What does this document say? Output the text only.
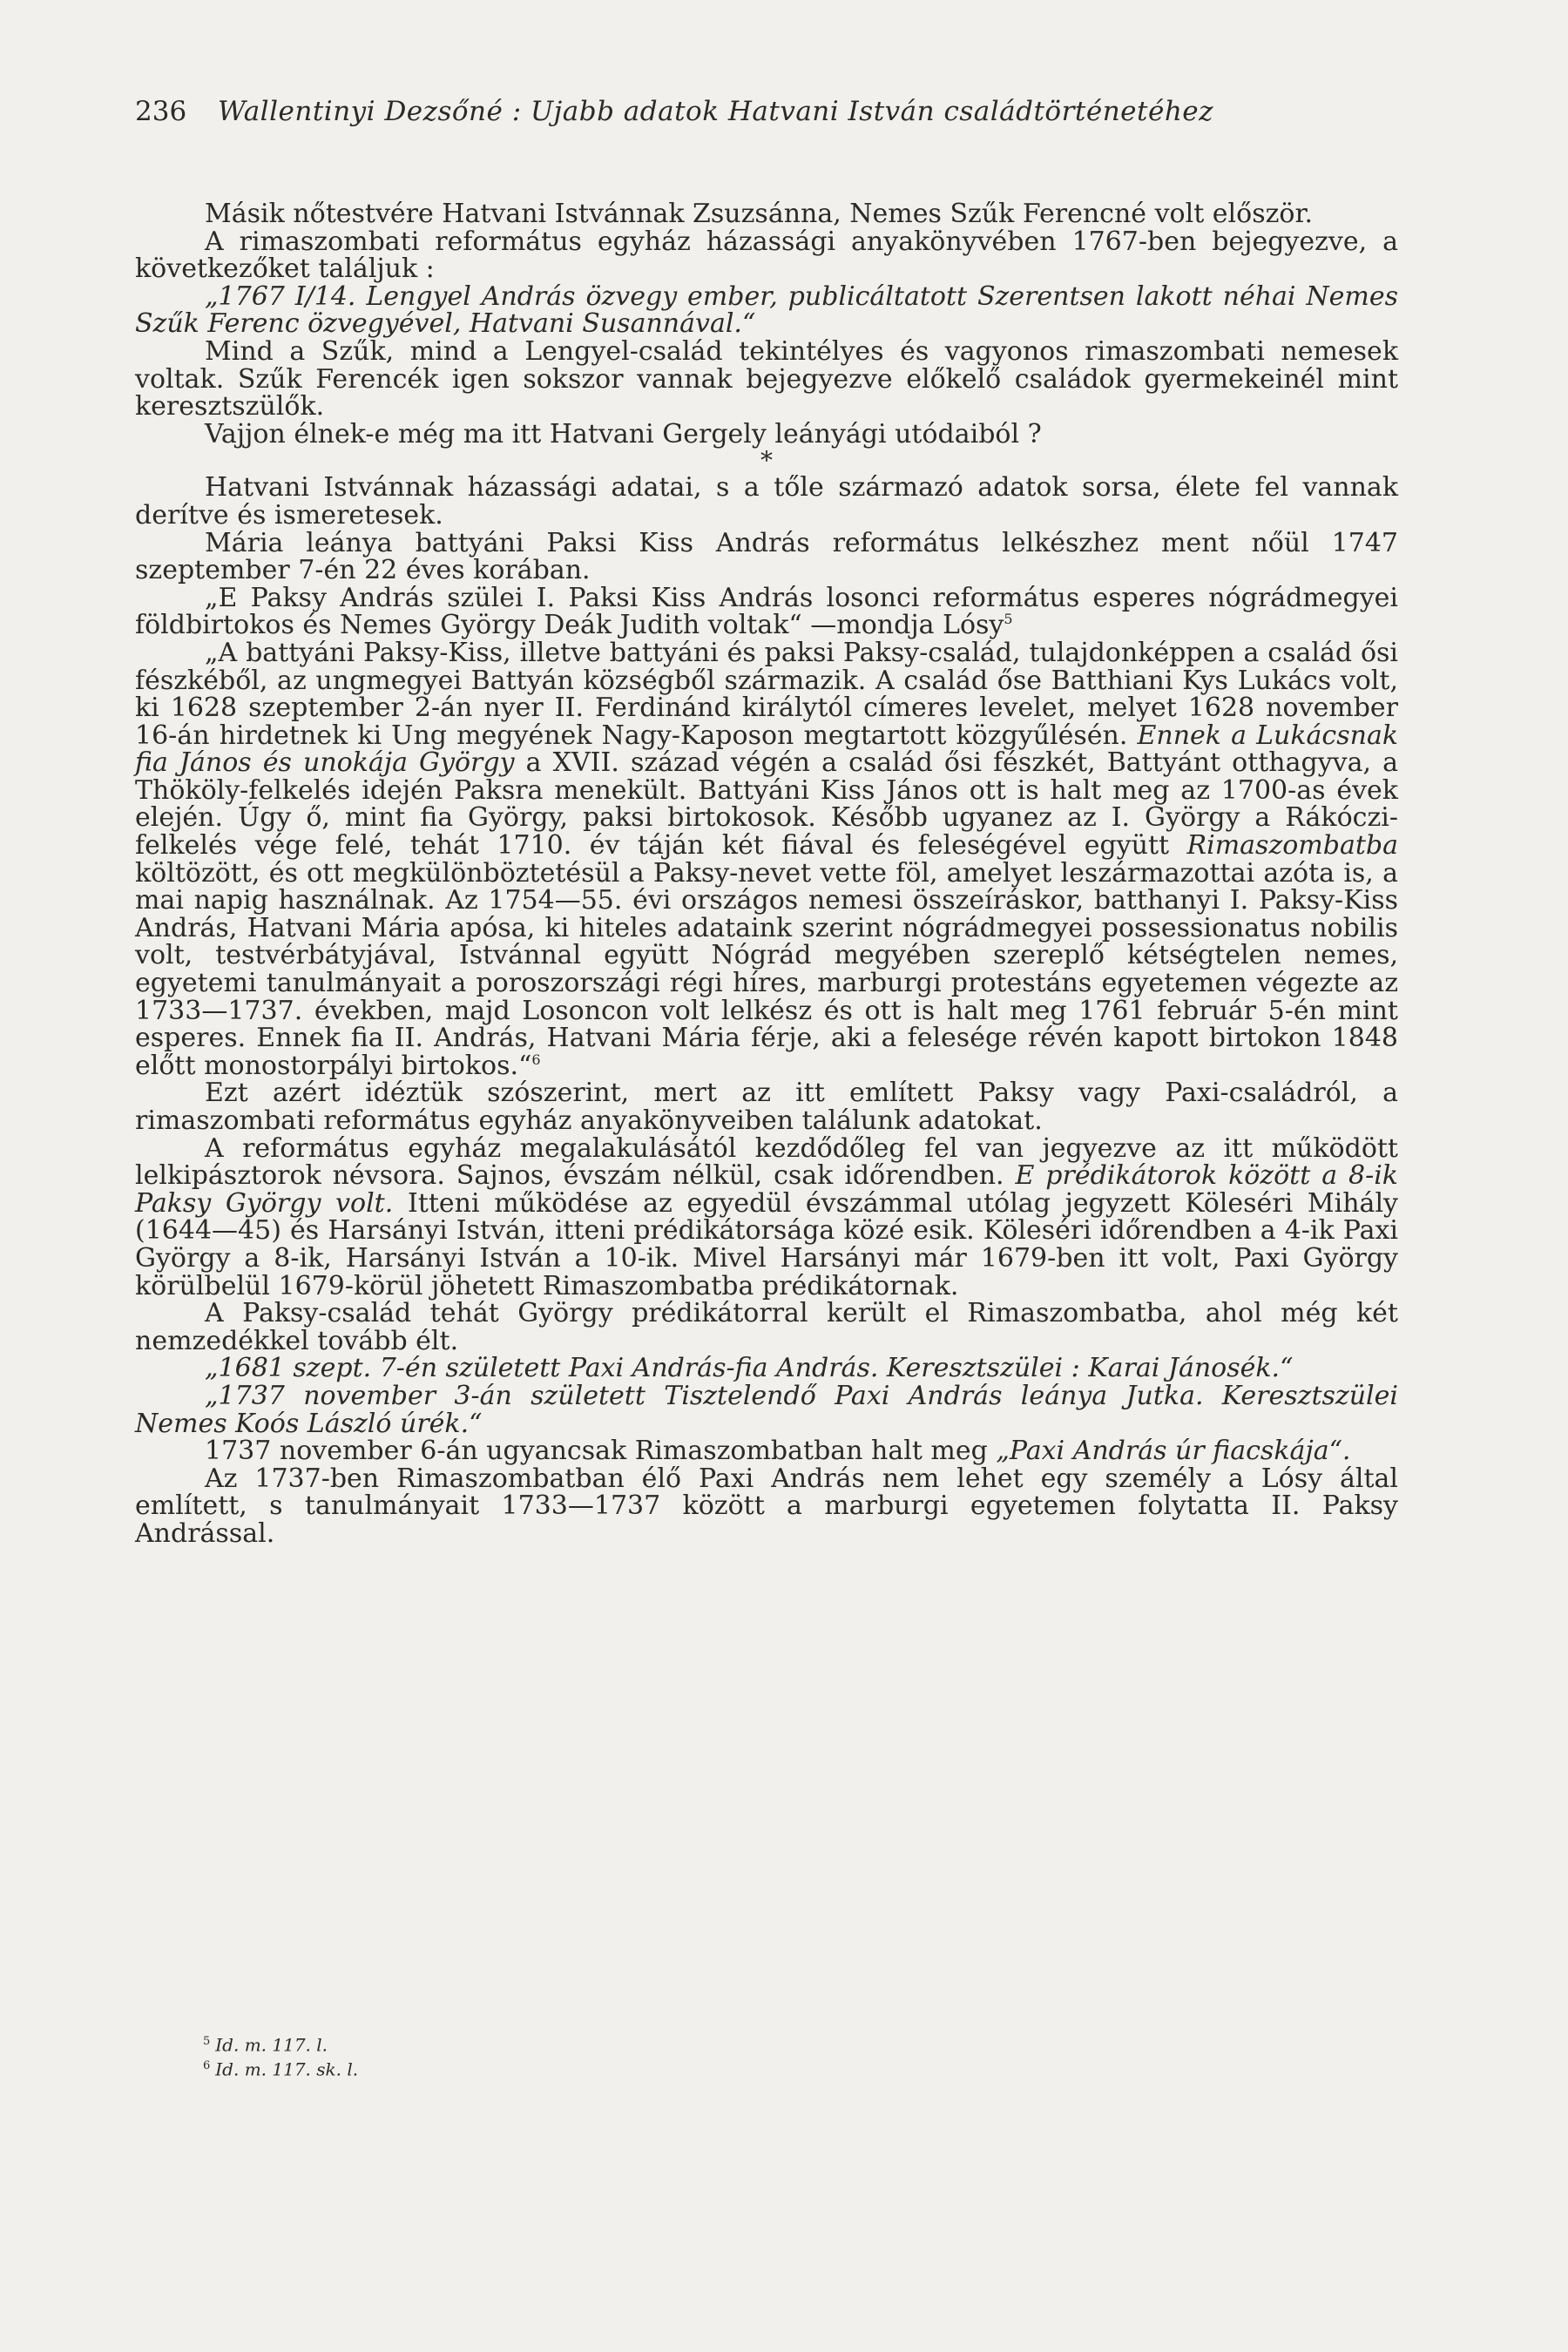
236 Wallentinyi Dezsőné : Ujabb adatok Hatvani István családtörténetéhez

Másik nőtestvére Hatvani Istvánnak Zsuzsánna, Nemes Szűk Ferencné volt először.

A rimaszombati református egyház házassági anyakönyvében 1767-ben bejegyezve, a következőket találjuk :

„1767 I/14. Lengyel András özvegy ember, publicáltatott Szerentsen lakott néhai Nemes Szűk Ferenc özvegyével, Hatvani Susannával.“

Mind a Szűk, mind a Lengyel-család tekintélyes és vagyonos rimaszombati nemesek voltak. Szűk Ferencék igen sokszor vannak bejegyezve előkelő családok gyermekeinél mint keresztszülők.

Vajjon élnek-e még ma itt Hatvani Gergely leányági utódaiból ?

*

Hatvani Istvánnak házassági adatai, s a tőle származó adatok sorsa, élete fel vannak derítve és ismeretesek.

Mária leánya battyáni Paksi Kiss András református lelkészhez ment nőül 1747 szeptember 7-én 22 éves korában.

„E Paksy András szülei I. Paksi Kiss András losonci református esperes nógrádmegyei földbirtokos és Nemes György Deák Judith voltak“ —mondja Lósy$^5$

„A battyáni Paksy-Kiss, illetve battyáni és paksi Paksy-család, tulajdonképpen a család ősi fészkéből, az ungmegyei Battyán községből származik. A család őse Batthiani Kys Lukács volt, ki 1628 szeptember 2-án nyer II. Ferdinánd királytól címeres levelet, melyet 1628 november 16-án hirdetnek ki Ung megyének Nagy-Kaposon megtartott közgyűlésén. Ennek a Lukácsnak fia János és unokája György a XVII. század végén a család ősi fészkét, Battyánt otthagyva, a Thököly-felkelés idején Paksra menekült. Battyáni Kiss János ott is halt meg az 1700-as évek elején. Úgy ő, mint fia György, paksi birtokosok. Később ugyanez az I. György a Rákóczi-felkelés vége felé, tehát 1710. év táján két fiával és feleségével együtt Rimaszombatba költözött, és ott megkülönböztetésül a Paksy-nevet vette föl, amelyet leszármazottai azóta is, a mai napig használnak. Az 1754—55. évi országos nemesi összeíráskor, batthanyi I. Paksy-Kiss András, Hatvani Mária apósa, ki hiteles adataink szerint nógrádmegyei possessionatus nobilis volt, testvérbátyjával, Istvánnal együtt Nógrád megyében szereplő kétségtelen nemes, egyetemi tanulmányait a poroszországi régi híres, marburgi protestáns egyetemen végezte az 1733—1737. években, majd Losoncon volt lelkész és ott is halt meg 1761 február 5-én mint esperes. Ennek fia II. András, Hatvani Mária férje, aki a felesége révén kapott birtokon 1848 előtt monostorpályi birtokos.“$^6$

Ezt azért idéztük szószerint, mert az itt említett Paksy vagy Paxi-családról, a rimaszombati református egyház anyakönyveiben találunk adatokat.

A református egyház megalakulásától kezdődőleg fel van jegyezve az itt működött lelkipásztorok névsora. Sajnos, évszám nélkül, csak időrendben. E prédikátorok között a 8-ik Paksy György volt. Itteni működése az egyedül évszámmal utólag jegyzett Köleséri Mihály (1644—45) és Harsányi István, itteni prédikátorsága közé esik. Köleséri időrendben a 4-ik Paxi György a 8-ik, Harsányi István a 10-ik. Mivel Harsányi már 1679-ben itt volt, Paxi György körülbelül 1679-körül jöhetett Rimaszombatba prédikátornak.

A Paksy-család tehát György prédikátorral került el Rimaszombatba, ahol még két nemzedékkel tovább élt.

„1681 szept. 7-én született Paxi András-fia András. Keresztszülei : Karai Jánosék.“

„1737 november 3-án született Tisztelendő Paxi András leánya Jutka. Keresztszülei Nemes Koós László úrék.“

1737 november 6-án ugyancsak Rimaszombatban halt meg „Paxi András úr fiacskája“.

Az 1737-ben Rimaszombatban élő Paxi András nem lehet egy személy a Lósy által említett, s tanulmányait 1733—1737 között a marburgi egyetemen folytatta II. Paksy Andrással.

$^5$ Id. m. 117. l.

$^6$ Id. m. 117. sk. l.
